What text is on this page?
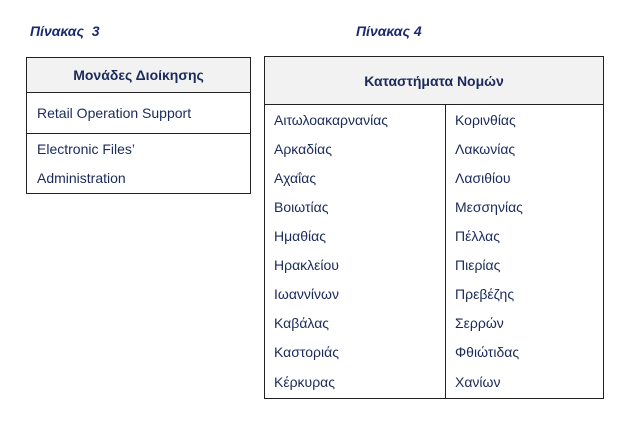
Πίνακας  3	Πίνακας 4
Μονάδες Διοίκησης
Retail Operation Support

Electronic Files’
Administration
Καταστήματα Νομών	
Αιτωλοακαρνανίας	Κορινθίας
Αρκαδίας	Λακωνίας
Αχαΐας	Λασιθίου
Βοιωτίας	Μεσσηνίας
Ημαθίας	Πέλλας
Ηρακλείου	Πιερίας
Ιωαννίνων	Πρεβέζης
Καβάλας	Σερρών
Καστοριάς	Φθιώτιδας
Κέρκυρας	Χανίων
